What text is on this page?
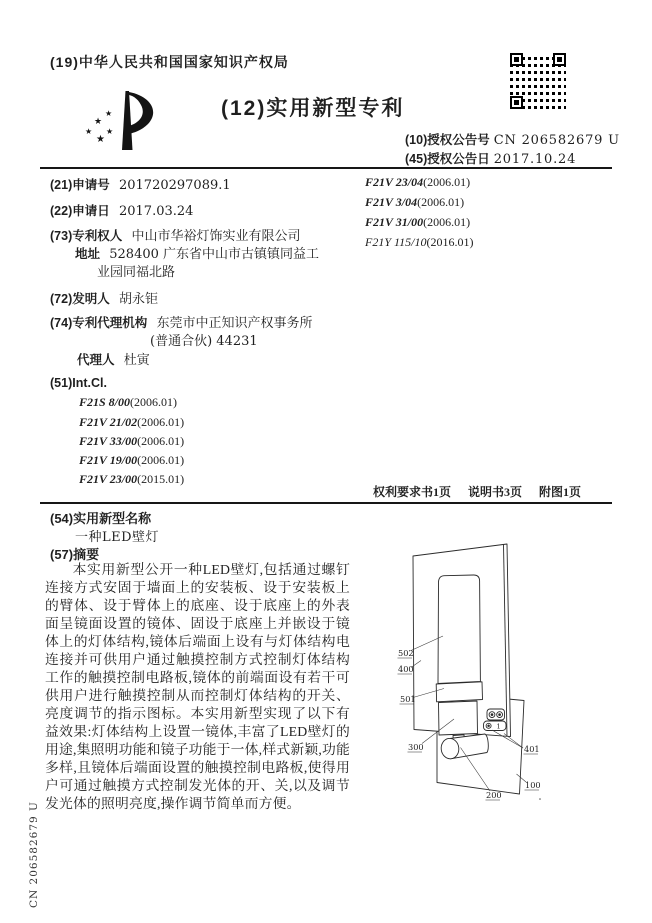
(19)中华人民共和国国家知识产权局
★
★
★
★
★
(12)实用新型专利
(10)授权公告号 CN 206582679 U
(45)授权公告日 2017.10.24
(21)申请号 201720297089.1
(22)申请日 2017.03.24
(73)专利权人 中山市华裕灯饰实业有限公司
地址 528400 广东省中山市古镇镇同益工
业园同福北路
(72)发明人 胡永钜
(74)专利代理机构 东莞市中正知识产权事务所
(普通合伙) 44231
代理人 杜寅
(51)Int.Cl.
F21S 8/00(2006.01)
F21V 21/02(2006.01)
F21V 33/00(2006.01)
F21V 19/00(2006.01)
F21V 23/00(2015.01)
F21V 23/04(2006.01)
F21V 3/04(2006.01)
F21V 31/00(2006.01)
F21Y 115/10(2016.01)
权利要求书1页 说明书3页 附图1页
(54)实用新型名称
一种LED壁灯
(57)摘要
本实用新型公开一种LED壁灯,包括通过螺钉连接方式安固于墙面上的安装板、设于安装板上的臂体、设于臂体上的底座、设于底座上的外表面呈镜面设置的镜体、固设于底座上并嵌设于镜体上的灯体结构,镜体后端面上设有与灯体结构电连接并可供用户通过触摸控制方式控制灯体结构工作的触摸控制电路板,镜体的前端面设有若干可供用户进行触摸控制从而控制灯体结构的开关、亮度调节的指示图标。本实用新型实现了以下有益效果:灯体结构上设置一镜体,丰富了LED壁灯的用途,集照明功能和镜子功能于一体,样式新颖,功能多样,且镜体后端面设置的触摸控制电路板,使得用户可通过触摸方式控制发光体的开、关,以及调节发光体的照明亮度,操作调节简单而方便。
1
502
400
501
300
200
401
100
CN 206582679 U
